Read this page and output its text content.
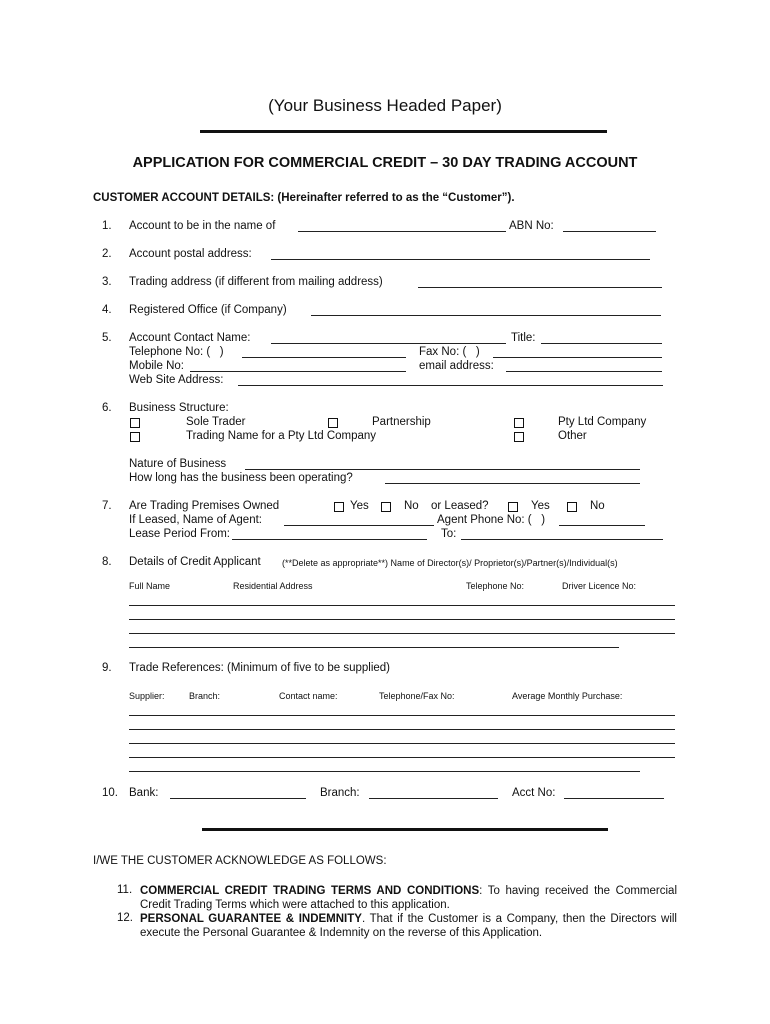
(Your Business Headed Paper)
APPLICATION FOR COMMERCIAL CREDIT – 30 DAY TRADING ACCOUNT
CUSTOMER ACCOUNT DETAILS: (Hereinafter referred to as the “Customer”).
1. Account to be in the name of	ABN No:
2. Account postal address:
3. Trading address (if different from mailing address)
4. Registered Office (if Company)
5. Account Contact Name:	Title:
Telephone No: (   )	Fax No: (   )
Mobile No:	email address:
Web Site Address:
6. Business Structure:
Sole Trader	Partnership	Pty Ltd Company
Trading Name for a Pty Ltd Company	Other
Nature of Business
How long has the business been operating?
7. Are Trading Premises Owned	Yes	No or Leased?	Yes	No
If Leased, Name of Agent:	Agent Phone No: (   )
Lease Period From:	To:
8. Details of Credit Applicant (**Delete as appropriate**) Name of Director(s)/ Proprietor(s)/Partner(s)/Individual(s)
Full Name	Residential Address	Telephone No:	Driver Licence No:
9. Trade References: (Minimum of five to be supplied)
Supplier:	Branch:	Contact name:	Telephone/Fax No:	Average Monthly Purchase:
10. Bank:	Branch:	Acct No:
I/WE THE CUSTOMER ACKNOWLEDGE AS FOLLOWS:
11. COMMERCIAL CREDIT TRADING TERMS AND CONDITIONS: To having received the Commercial Credit Trading Terms which were attached to this application.
12. PERSONAL GUARANTEE & INDEMNITY. That if the Customer is a Company, then the Directors will execute the Personal Guarantee & Indemnity on the reverse of this Application.
